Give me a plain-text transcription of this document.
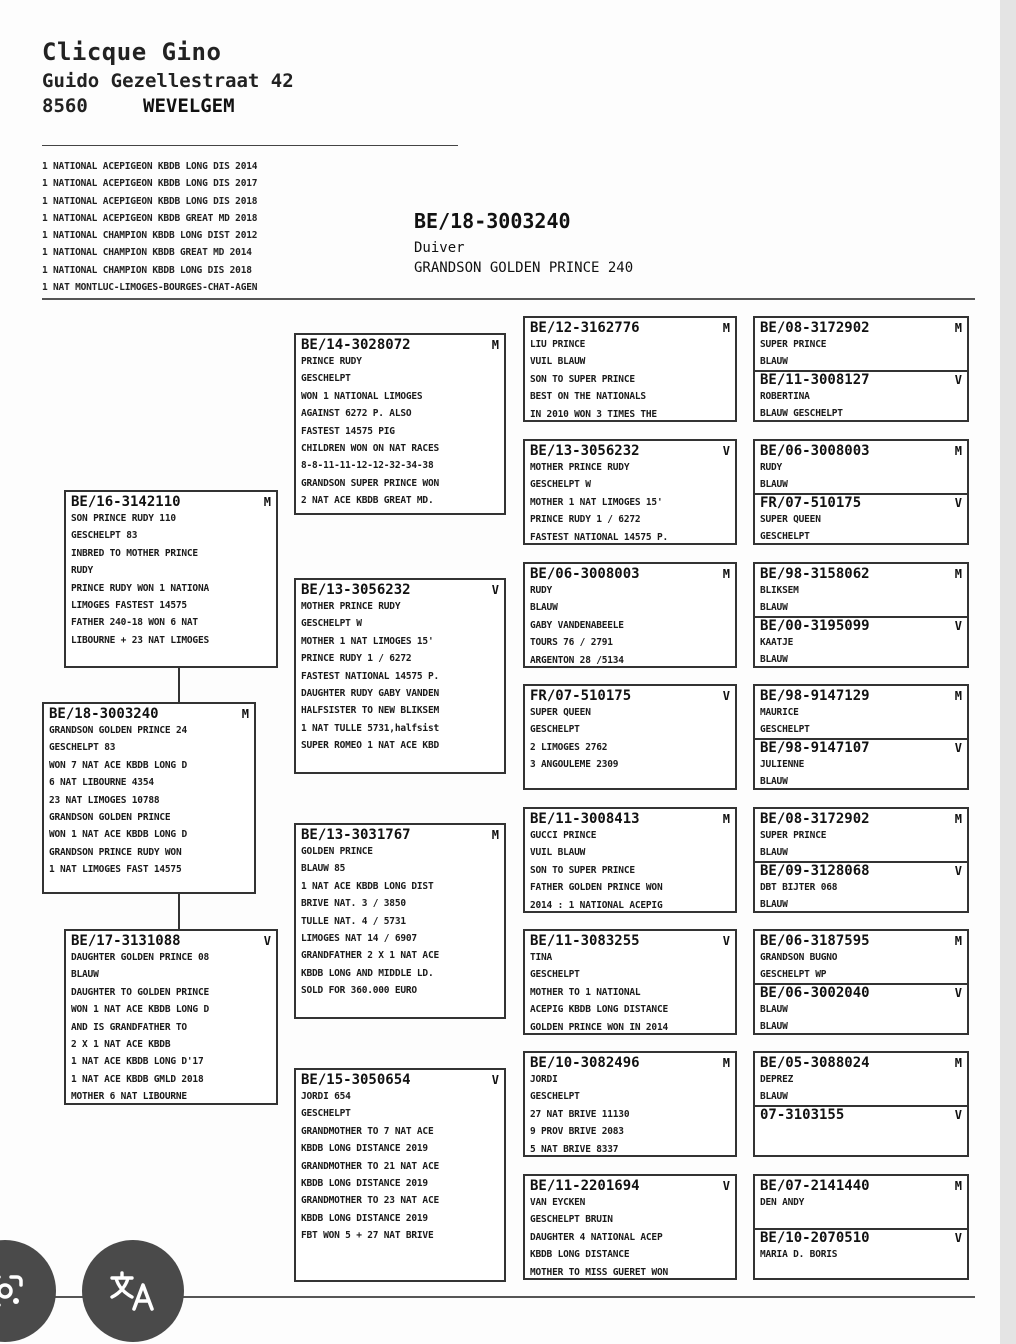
Clicque Gino
Guido Gezellestraat 42
8560	WEVELGEM
1 NATIONAL ACEPIGEON KBDB LONG DIS 2014
1 NATIONAL ACEPIGEON KBDB LONG DIS 2017
1 NATIONAL ACEPIGEON KBDB LONG DIS 2018
1 NATIONAL ACEPIGEON KBDB GREAT MD 2018
1 NATIONAL CHAMPION KBDB LONG DIST 2012
1 NATIONAL CHAMPION KBDB GREAT MD 2014
1 NATIONAL CHAMPION KBDB LONG DIS 2018
1 NAT MONTLUC-LIMOGES-BOURGES-CHAT-AGEN
BE/18-3003240
Duiver
GRANDSON GOLDEN PRINCE 240
BE/18-3003240	M
GRANDSON GOLDEN PRINCE 24
GESCHELPT 83
WON 7 NAT ACE KBDB LONG D
6 NAT LIBOURNE 4354
23 NAT LIMOGES 10788
GRANDSON GOLDEN PRINCE
WON 1 NAT ACE KBDB LONG D
GRANDSON PRINCE RUDY WON
1 NAT LIMOGES FAST 14575
BE/16-3142110	M
SON PRINCE RUDY 110
GESCHELPT 83
INBRED TO MOTHER PRINCE
RUDY
PRINCE RUDY WON 1 NATIONA
LIMOGES FASTEST 14575
FATHER 240-18 WON 6 NAT
LIBOURNE + 23 NAT LIMOGES
BE/17-3131088	V
DAUGHTER GOLDEN PRINCE 08
BLAUW
DAUGHTER TO GOLDEN PRINCE
WON 1 NAT ACE KBDB LONG D
AND IS GRANDFATHER TO
2 X 1 NAT ACE KBDB
1 NAT ACE KBDB LONG D'17
1 NAT ACE KBDB GMLD 2018
MOTHER 6 NAT LIBOURNE
BE/14-3028072	M
PRINCE RUDY
GESCHELPT
WON 1 NATIONAL LIMOGES
AGAINST 6272 P. ALSO
FASTEST 14575 PIG
CHILDREN WON ON NAT RACES
8-8-11-11-12-12-32-34-38
GRANDSON SUPER PRINCE WON
2 NAT ACE KBDB GREAT MD.
BE/13-3056232	V
MOTHER PRINCE RUDY
GESCHELPT W
MOTHER 1 NAT LIMOGES 15'
PRINCE RUDY 1 / 6272
FASTEST NATIONAL 14575 P.
DAUGHTER RUDY GABY VANDEN
HALFSISTER TO NEW BLIKSEM
1 NAT TULLE 5731,halfsist
SUPER ROMEO 1 NAT ACE KBD
BE/13-3031767	M
GOLDEN PRINCE
BLAUW 85
1 NAT ACE KBDB LONG DIST
BRIVE NAT. 3 / 3850
TULLE NAT. 4 / 5731
LIMOGES NAT 14 / 6907
GRANDFATHER 2 X 1 NAT ACE
KBDB LONG AND MIDDLE LD.
SOLD FOR 360.000 EURO
BE/15-3050654	V
JORDI 654
GESCHELPT
GRANDMOTHER TO 7 NAT ACE
KBDB LONG DISTANCE 2019
GRANDMOTHER TO 21 NAT ACE
KBDB LONG DISTANCE 2019
GRANDMOTHER TO 23 NAT ACE
KBDB LONG DISTANCE 2019
FBT WON 5 + 27 NAT BRIVE
BE/12-3162776	M
LIU PRINCE
VUIL BLAUW
SON TO SUPER PRINCE
BEST ON THE NATIONALS
IN 2010 WON 3 TIMES THE
BE/13-3056232	V
MOTHER PRINCE RUDY
GESCHELPT W
MOTHER 1 NAT LIMOGES 15'
PRINCE RUDY 1 / 6272
FASTEST NATIONAL 14575 P.
BE/06-3008003	M
RUDY
BLAUW
GABY VANDENABEELE
TOURS 76 / 2791
ARGENTON 28 /5134
FR/07-510175	V
SUPER QUEEN
GESCHELPT
2 LIMOGES 2762
3 ANGOULEME 2309
BE/11-3008413	M
GUCCI PRINCE
VUIL BLAUW
SON TO SUPER PRINCE
FATHER GOLDEN PRINCE WON
2014 : 1 NATIONAL ACEPIG
BE/11-3083255	V
TINA
GESCHELPT
MOTHER TO 1 NATIONAL
ACEPIG KBDB LONG DISTANCE
GOLDEN PRINCE WON IN 2014
BE/10-3082496	M
JORDI
GESCHELPT
27 NAT BRIVE 11130
9 PROV BRIVE 2083
5 NAT BRIVE 8337
BE/11-2201694	V
VAN EYCKEN
GESCHELPT BRUIN
DAUGHTER 4 NATIONAL ACEP
KBDB LONG DISTANCE
MOTHER TO MISS GUERET WON
BE/08-3172902	M
SUPER PRINCE
BLAUW
BE/11-3008127	V
ROBERTINA
BLAUW GESCHELPT
BE/06-3008003	M
RUDY
BLAUW
FR/07-510175	V
SUPER QUEEN
GESCHELPT
BE/98-3158062	M
BLIKSEM
BLAUW
BE/00-3195099	V
KAATJE
BLAUW
BE/98-9147129	M
MAURICE
GESCHELPT
BE/98-9147107	V
JULIENNE
BLAUW
BE/08-3172902	M
SUPER PRINCE
BLAUW
BE/09-3128068	V
DBT BIJTER 068
BLAUW
BE/06-3187595	M
GRANDSON BUGNO
GESCHELPT WP
BE/06-3002040	V
BLAUW
BLAUW
BE/05-3088024	M
DEPREZ
BLAUW
07-3103155	V
BE/07-2141440	M
DEN ANDY
BE/10-2070510	V
MARIA D. BORIS
